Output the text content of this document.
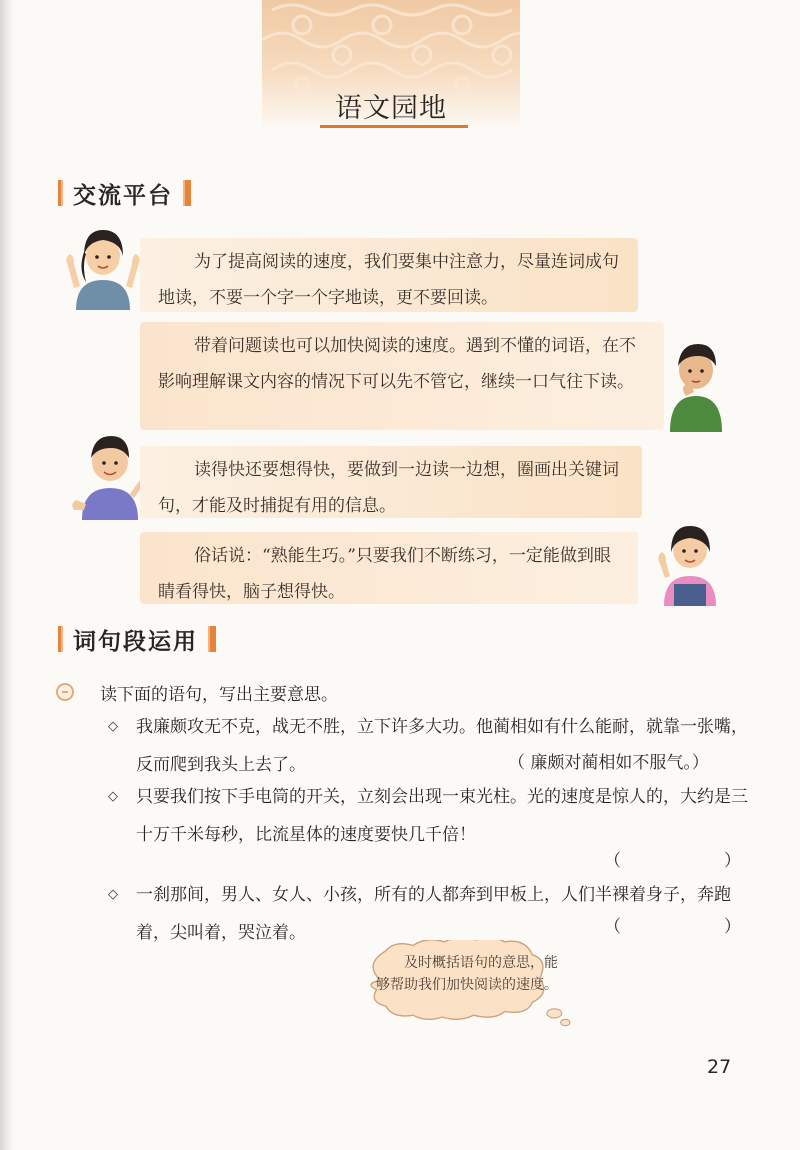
语文园地
交流平台
为了提高阅读的速度，我们要集中注意力，尽量连词成句地读，不要一个字一个字地读，更不要回读。
带着问题读也可以加快阅读的速度。遇到不懂的词语，在不影响理解课文内容的情况下可以先不管它，继续一口气往下读。
读得快还要想得快，要做到一边读一边想，圈画出关键词句，才能及时捕捉有用的信息。
俗话说：“熟能生巧。”只要我们不断练习，一定能做到眼睛看得快，脑子想得快。
词句段运用
读下面的语句，写出主要意思。
◇	我廉颇攻无不克，战无不胜，立下许多大功。他蔺相如有什么能耐，就靠一张嘴，反而爬到我头上去了。	（ 廉颇对蔺相如不服气。）
◇	只要我们按下手电筒的开关，立刻会出现一束光柱。光的速度是惊人的，大约是三十万千米每秒，比流星体的速度要快几千倍！
（	）
◇	一刹那间，男人、女人、小孩，所有的人都奔到甲板上，人们半裸着身子，奔跑着，尖叫着，哭泣着。	（	）
及时概括语句的意思，能够帮助我们加快阅读的速度。
27
